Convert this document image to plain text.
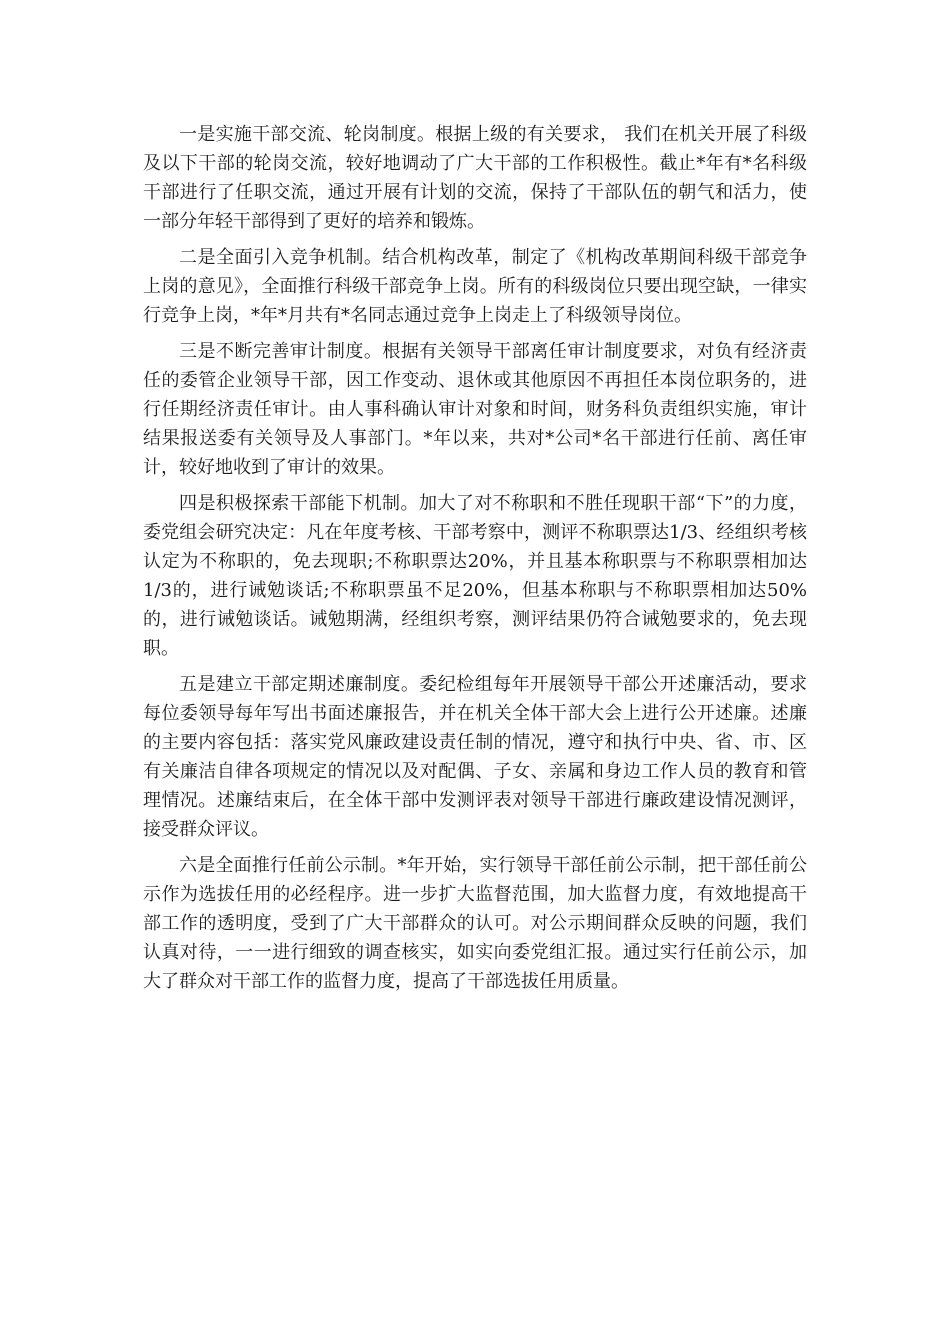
一是实施干部交流、轮岗制度。根据上级的有关要求， 我们在机关开展了科级及以下干部的轮岗交流，较好地调动了广大干部的工作积极性。截止*年有*名科级干部进行了任职交流，通过开展有计划的交流，保持了干部队伍的朝气和活力，使一部分年轻干部得到了更好的培养和锻炼。

二是全面引入竞争机制。结合机构改革，制定了《机构改革期间科级干部竞争上岗的意见》，全面推行科级干部竞争上岗。所有的科级岗位只要出现空缺，一律实行竞争上岗，*年*月共有*名同志通过竞争上岗走上了科级领导岗位。

三是不断完善审计制度。根据有关领导干部离任审计制度要求，对负有经济责任的委管企业领导干部，因工作变动、退休或其他原因不再担任本岗位职务的，进行任期经济责任审计。由人事科确认审计对象和时间，财务科负责组织实施，审计结果报送委有关领导及人事部门。*年以来，共对*公司*名干部进行任前、离任审计，较好地收到了审计的效果。

四是积极探索干部能下机制。加大了对不称职和不胜任现职干部“下”的力度，委党组会研究决定：凡在年度考核、干部考察中，测评不称职票达1/3、经组织考核认定为不称职的，免去现职;不称职票达20%，并且基本称职票与不称职票相加达1/3的，进行诫勉谈话;不称职票虽不足20%，但基本称职与不称职票相加达50%的，进行诫勉谈话。诫勉期满，经组织考察，测评结果仍符合诫勉要求的，免去现职。

五是建立干部定期述廉制度。委纪检组每年开展领导干部公开述廉活动，要求每位委领导每年写出书面述廉报告，并在机关全体干部大会上进行公开述廉。述廉的主要内容包括：落实党风廉政建设责任制的情况，遵守和执行中央、省、市、区有关廉洁自律各项规定的情况以及对配偶、子女、亲属和身边工作人员的教育和管理情况。述廉结束后，在全体干部中发测评表对领导干部进行廉政建设情况测评，接受群众评议。

六是全面推行任前公示制。*年开始，实行领导干部任前公示制，把干部任前公示作为选拔任用的必经程序。进一步扩大监督范围，加大监督力度，有效地提高干部工作的透明度，受到了广大干部群众的认可。对公示期间群众反映的问题，我们认真对待，一一进行细致的调查核实，如实向委党组汇报。通过实行任前公示，加大了群众对干部工作的监督力度，提高了干部选拔任用质量。
